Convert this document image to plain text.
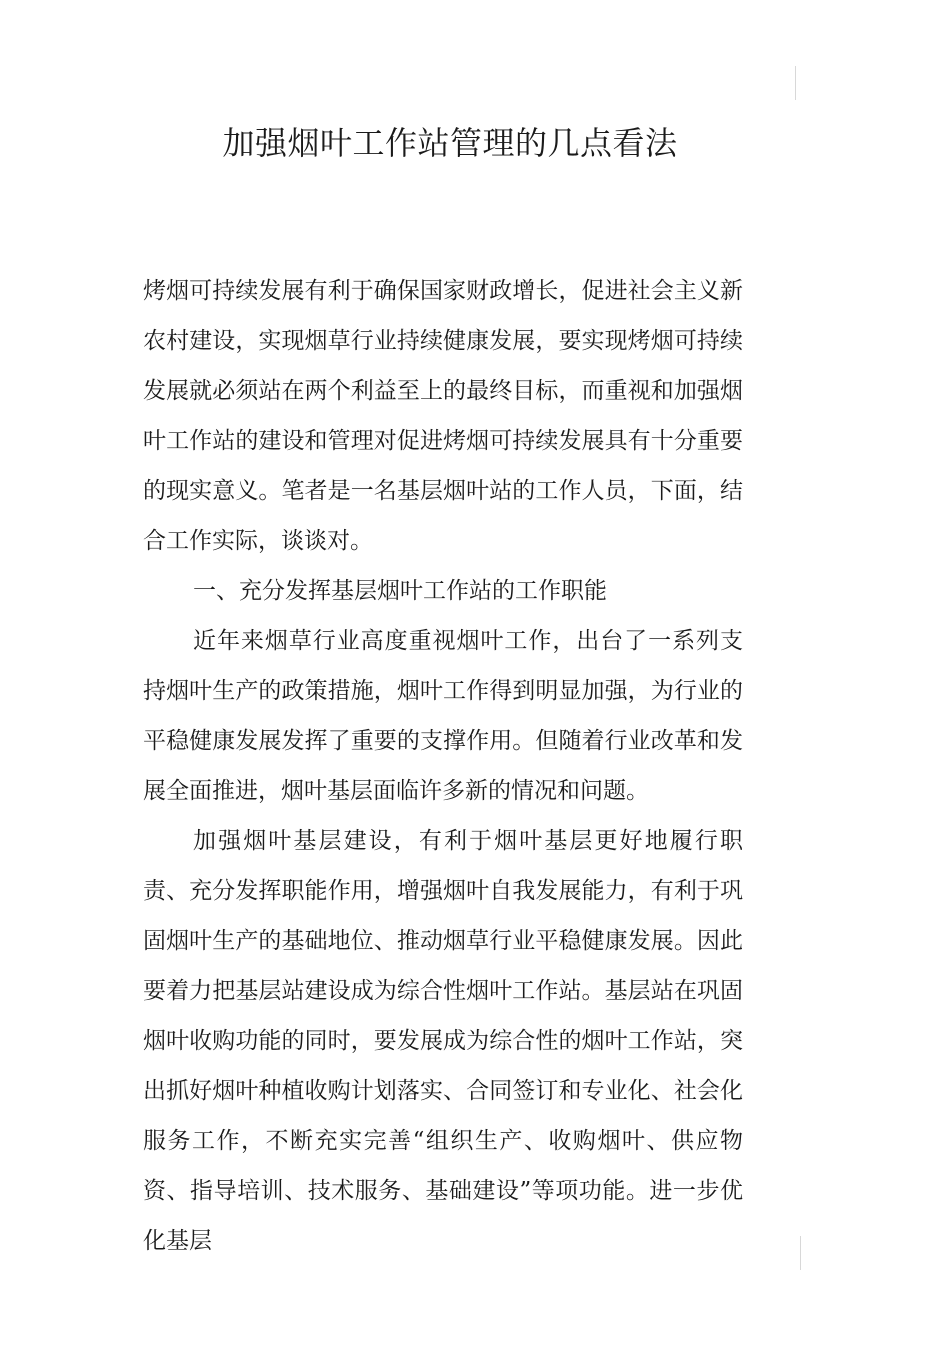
加强烟叶工作站管理的几点看法

烤烟可持续发展有利于确保国家财政增长，促进社会主义新农村建设，实现烟草行业持续健康发展，要实现烤烟可持续发展就必须站在两个利益至上的最终目标，而重视和加强烟叶工作站的建设和管理对促进烤烟可持续发展具有十分重要的现实意义。笔者是一名基层烟叶站的工作人员，下面，结合工作实际，谈谈对。

一、充分发挥基层烟叶工作站的工作职能

近年来烟草行业高度重视烟叶工作，出台了一系列支持烟叶生产的政策措施，烟叶工作得到明显加强，为行业的平稳健康发展发挥了重要的支撑作用。但随着行业改革和发展全面推进，烟叶基层面临许多新的情况和问题。

加强烟叶基层建设，有利于烟叶基层更好地履行职责、充分发挥职能作用，增强烟叶自我发展能力，有利于巩固烟叶生产的基础地位、推动烟草行业平稳健康发展。因此要着力把基层站建设成为综合性烟叶工作站。基层站在巩固烟叶收购功能的同时，要发展成为综合性的烟叶工作站，突出抓好烟叶种植收购计划落实、合同签订和专业化、社会化服务工作，不断充实完善“组织生产、收购烟叶、供应物资、指导培训、技术服务、基础建设”等项功能。进一步优化基层
